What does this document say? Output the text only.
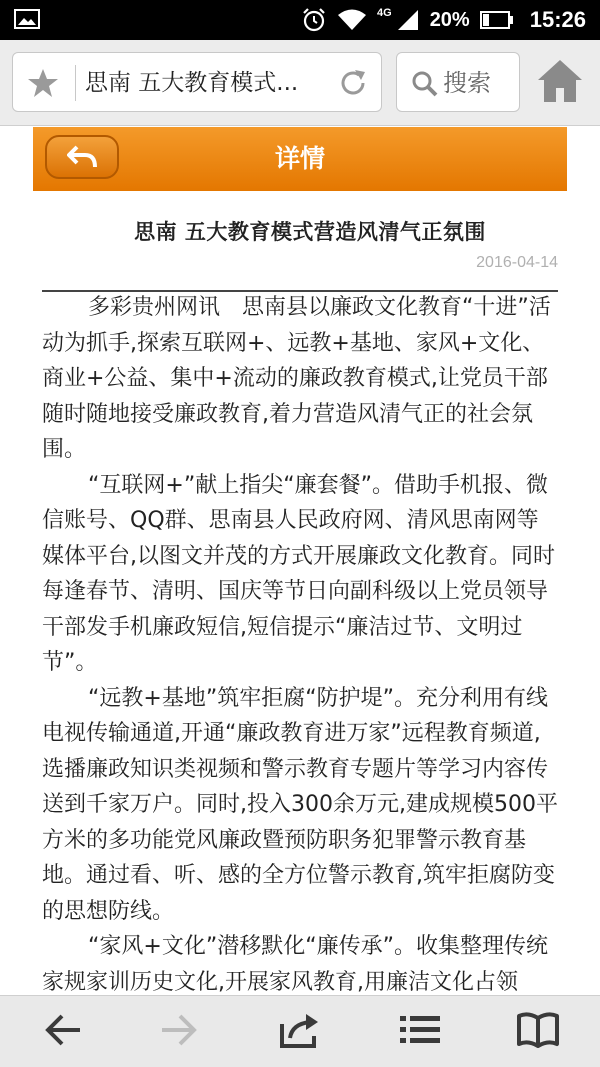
4G 20%	15:26
思南 五大教育模式...	搜索
详情
思南 五大教育模式营造风清气正氛围
2016-04-14

多彩贵州网讯　思南县以廉政文化教育“十进”活动为抓手,探索互联网+、远教+基地、家风+文化、商业+公益、集中+流动的廉政教育模式,让党员干部随时随地接受廉政教育,着力营造风清气正的社会氛围。

“互联网+”献上指尖“廉套餐”。借助手机报、微信账号、QQ群、思南县人民政府网、清风思南网等媒体平台,以图文并茂的方式开展廉政文化教育。同时每逢春节、清明、国庆等节日向副科级以上党员领导干部发手机廉政短信,短信提示“廉洁过节、文明过节”。

“远教+基地”筑牢拒腐“防护堤”。充分利用有线电视传输通道,开通“廉政教育进万家”远程教育频道,选播廉政知识类视频和警示教育专题片等学习内容传送到千家万户。同时,投入300余万元,建成规模500平方米的多功能党风廉政暨预防职务犯罪警示教育基地。通过看、听、感的全方位警示教育,筑牢拒腐防变的思想防线。

“家风+文化”潜移默化“廉传承”。收集整理传统家规家训历史文化,开展家风教育,用廉洁文化占领
